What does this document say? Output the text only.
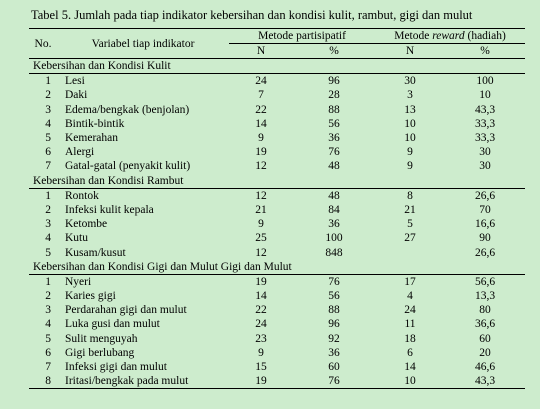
Tabel 5. Jumlah pada tiap indikator kebersihan dan kondisi kulit, rambut, gigi dan mulut
No.	Variabel tiap indikator	Metode partisipatif		Metode reward (hadiah)	
		N	%	N	%
Kebersihan dan Kondisi Kulit					
1	Lesi	24	96	30	100
2	Daki	7	28	3	10
3	Edema/bengkak (benjolan)	22	88	13	43,3
4	Bintik-bintik	14	56	10	33,3
5	Kemerahan	9	36	10	33,3
6	Alergi	19	76	9	30
7	Gatal-gatal (penyakit kulit)	12	48	9	30
Kebersihan dan Kondisi Rambut					
1	Rontok	12	48	8	26,6
2	Infeksi kulit kepala	21	84	21	70
3	Ketombe	9	36	5	16,6
4	Kutu	25	100	27	90
5	Kusam/kusut	12	848		26,6
Kebersihan dan Kondisi Gigi dan Mulut Gigi dan Mulut					
1	Nyeri	19	76	17	56,6
2	Karies gigi	14	56	4	13,3
3	Perdarahan gigi dan mulut	22	88	24	80
4	Luka gusi dan mulut	24	96	11	36,6
5	Sulit menguyah	23	92	18	60
6	Gigi berlubang	9	36	6	20
7	Infeksi gigi dan mulut	15	60	14	46,6
8	Iritasi/bengkak pada mulut	19	76	10	43,3
